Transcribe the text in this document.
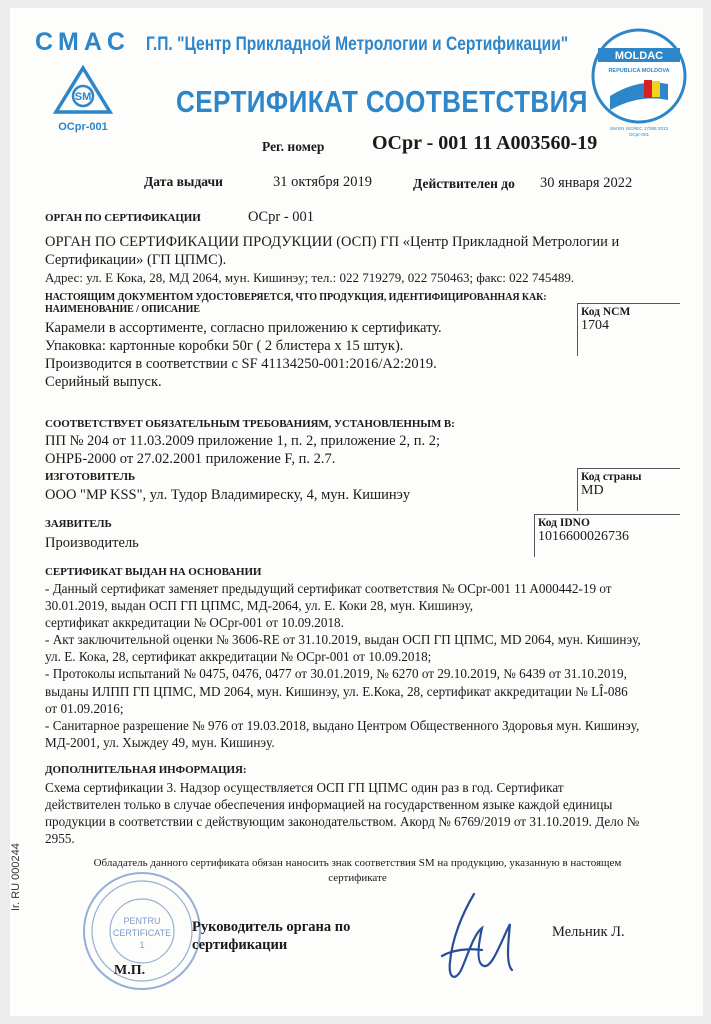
CMAC Г.П. "Центр Прикладной Метрологии и Сертификации"
SM
OCpr-001
СЕРТИФИКАТ СООТВЕТСТВИЯ
MOLDAC
REPUBLICA MOLDOVA
SM EN ISO/IEC 17065:2013
OCpr-001
Рег. номер OCpr - 001 11 A003560-19
Дата выдачи	31 октября 2019	Действителен до 30 января 2022
ОРГАН ПО СЕРТИФИКАЦИИ	OCpr - 001
ОРГАН ПО СЕРТИФИКАЦИИ ПРОДУКЦИИ (ОСП) ГП «Центр Прикладной Метрологии и
Сертификации» (ГП ЦПМС).
Адрес: ул. Е Кока, 28, МД 2064, мун. Кишинэу; тел.: 022 719279, 022 750463; факс: 022 745489.
НАСТОЯЩИМ ДОКУМЕНТОМ УДОСТОВЕРЯЕТСЯ, ЧТО ПРОДУКЦИЯ, ИДЕНТИФИЦИРОВАННАЯ КАК:
НАИМЕНОВАНИЕ / ОПИСАНИЕ
Карамели в ассортименте, согласно приложению к сертификату.
Упаковка: картонные коробки 50г ( 2 блистера х 15 штук).
Производится в соответствии с SF 41134250-001:2016/A2:2019.
Серийный выпуск.
Код NCM
1704
СООТВЕТСТВУЕТ ОБЯЗАТЕЛЬНЫМ ТРЕБОВАНИЯМ, УСТАНОВЛЕННЫМ В:
ПП № 204 от 11.03.2009 приложение 1, п. 2, приложение 2, п. 2;
ОНРБ-2000 от 27.02.2001 приложение F, п. 2.7.
ИЗГОТОВИТЕЛЬ
ООО "MP KSS", ул. Тудор Владимиреску, 4, мун. Кишинэу
Код страны
MD
ЗАЯВИТЕЛЬ
Производитель
Код IDNO
1016600026736
СЕРТИФИКАТ ВЫДАН НА ОСНОВАНИИ
- Данный сертификат заменяет предыдущий сертификат соответствия № OCpr-001 11 A000442-19 от
30.01.2019, выдан ОСП ГП ЦПМС, МД-2064, ул. Е. Коки 28, мун. Кишинэу,
сертификат аккредитации № OCpr-001 от 10.09.2018.
- Акт заключительной оценки № 3606-RE от 31.10.2019, выдан ОСП ГП ЦПМС, MD 2064, мун. Кишинэу,
ул. Е. Кока, 28, сертификат аккредитации № OCpr-001 от 10.09.2018;
- Протоколы испытаний № 0475, 0476, 0477 от 30.01.2019, № 6270 от 29.10.2019, № 6439 от 31.10.2019,
выданы ИЛПП ГП ЦПМС, MD 2064, мун. Кишинэу, ул. Е.Кока, 28, сертификат аккредитации № LÎ-086
от 01.09.2016;
- Санитарное разрешение № 976 от 19.03.2018, выдано Центром Общественного Здоровья мун. Кишинэу,
МД-2001, ул. Хыждеу 49, мун. Кишинэу.
ДОПОЛНИТЕЛЬНАЯ ИНФОРМАЦИЯ:
Схема сертификации 3. Надзор осуществляется ОСП ГП ЦПМС один раз в год. Сертификат
действителен только в случае обеспечения информацией на государственном языке каждой единицы
продукции в соответствии с действующим законодательством. Акорд № 6769/2019 от 31.10.2019. Дело №
2955.
Обладатель данного сертификата обязан наносить знак соответствия SM на продукцию, указанную в настоящем
сертификате
PENTRU
CERTIFICATE
1
Руководитель органа по
сертификации
М.П.
Мельник Л.
Ir. RU 000244
